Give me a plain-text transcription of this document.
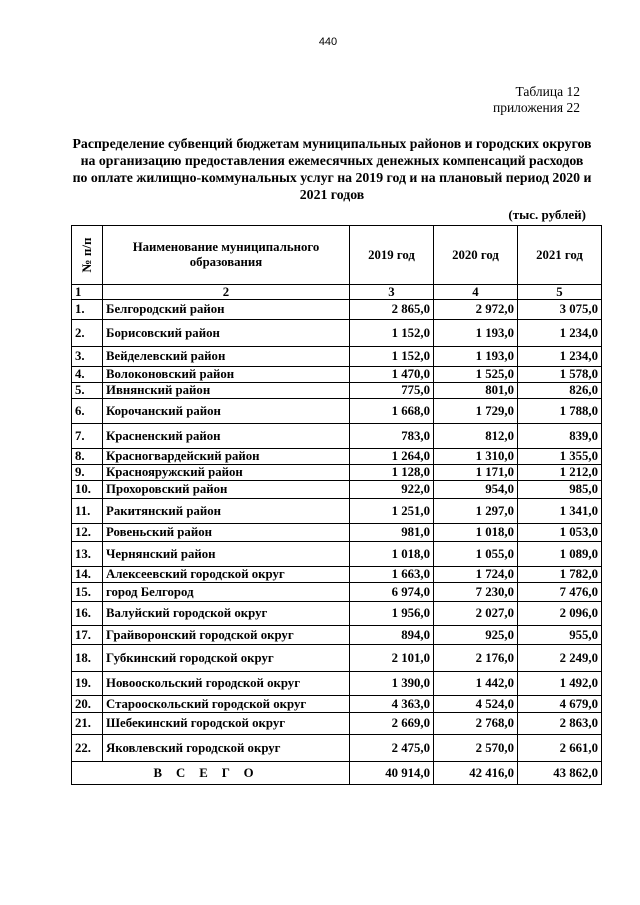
440
Таблица 12
приложения 22
Распределение субвенций бюджетам муниципальных районов и городских округов на организацию предоставления ежемесячных денежных компенсаций расходов по оплате жилищно-коммунальных услуг на 2019 год и на плановый период 2020 и 2021 годов
(тыс. рублей)
№ п/п	Наименование муниципального образования	2019 год	2020 год	2021 год
1	2	3	4	5
1.	Белгородский район	2 865,0	2 972,0	3 075,0
2.	Борисовский район	1 152,0	1 193,0	1 234,0
3.	Вейделевский район	1 152,0	1 193,0	1 234,0
4.	Волоконовский район	1 470,0	1 525,0	1 578,0
5.	Ивнянский район	775,0	801,0	826,0
6.	Корочанский район	1 668,0	1 729,0	1 788,0
7.	Красненский район	783,0	812,0	839,0
8.	Красногвардейский район	1 264,0	1 310,0	1 355,0
9.	Краснояружский район	1 128,0	1 171,0	1 212,0
10.	Прохоровский район	922,0	954,0	985,0
11.	Ракитянский район	1 251,0	1 297,0	1 341,0
12.	Ровеньский район	981,0	1 018,0	1 053,0
13.	Чернянский район	1 018,0	1 055,0	1 089,0
14.	Алексеевский городской округ	1 663,0	1 724,0	1 782,0
15.	город Белгород	6 974,0	7 230,0	7 476,0
16.	Валуйский городской округ	1 956,0	2 027,0	2 096,0
17.	Грайворонский городской округ	894,0	925,0	955,0
18.	Губкинский городской округ	2 101,0	2 176,0	2 249,0
19.	Новооскольский городской округ	1 390,0	1 442,0	1 492,0
20.	Старооскольский городской округ	4 363,0	4 524,0	4 679,0
21.	Шебекинский городской округ	2 669,0	2 768,0	2 863,0
22.	Яковлевский городской округ	2 475,0	2 570,0	2 661,0
ВСЕГО		40 914,0	42 416,0	43 862,0
